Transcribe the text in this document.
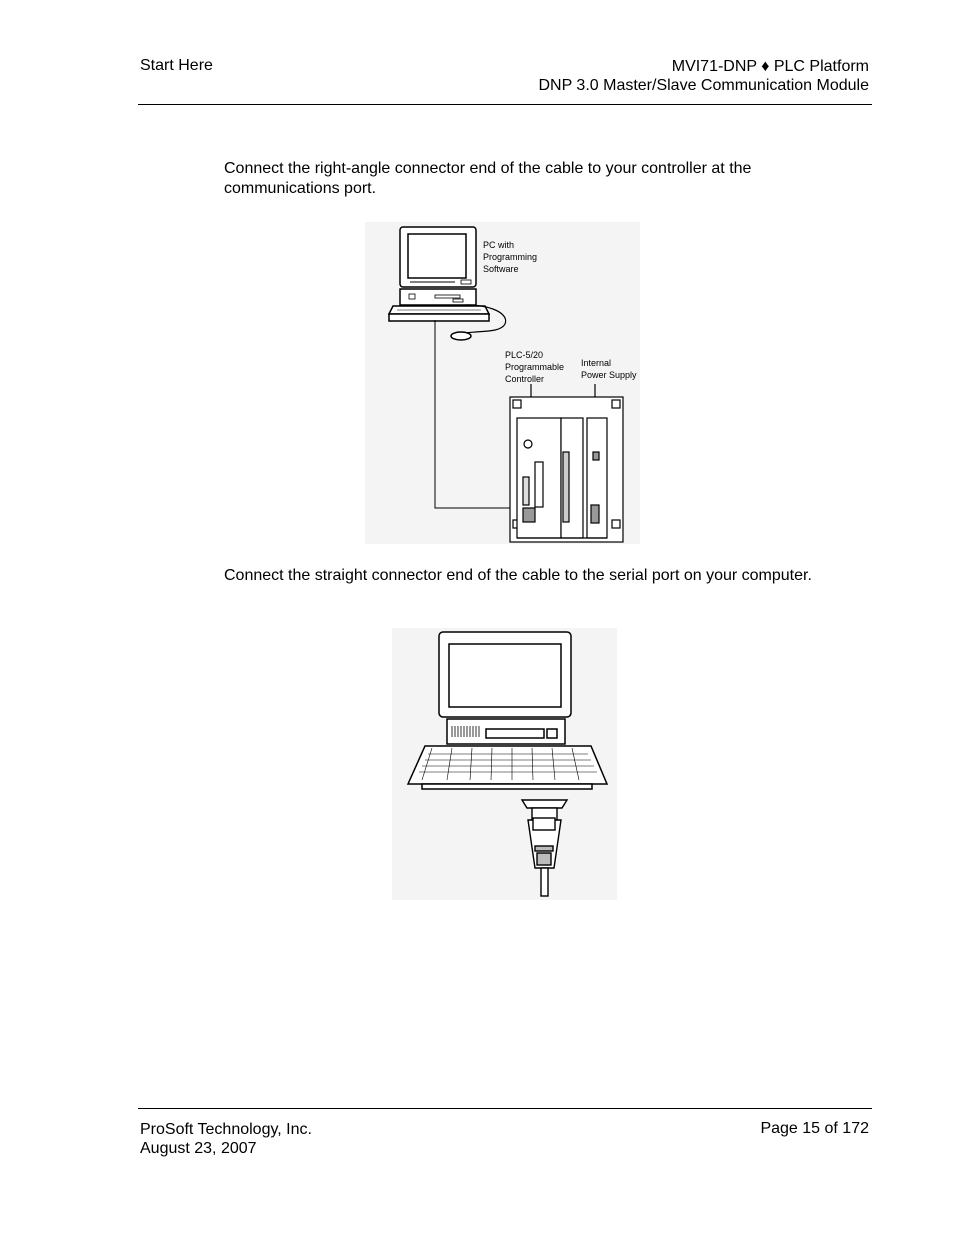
Start Here	MVI71-DNP ♦ PLC Platform
DNP 3.0 Master/Slave Communication Module
Connect the right-angle connector end of the cable to your controller at the communications port.
PC with
Programming
Software
PLC-5/20
Programmable
Controller
Internal
Power Supply
Connect the straight connector end of the cable to the serial port on your computer.
ProSoft Technology, Inc.
August 23, 2007
Page 15 of 172
